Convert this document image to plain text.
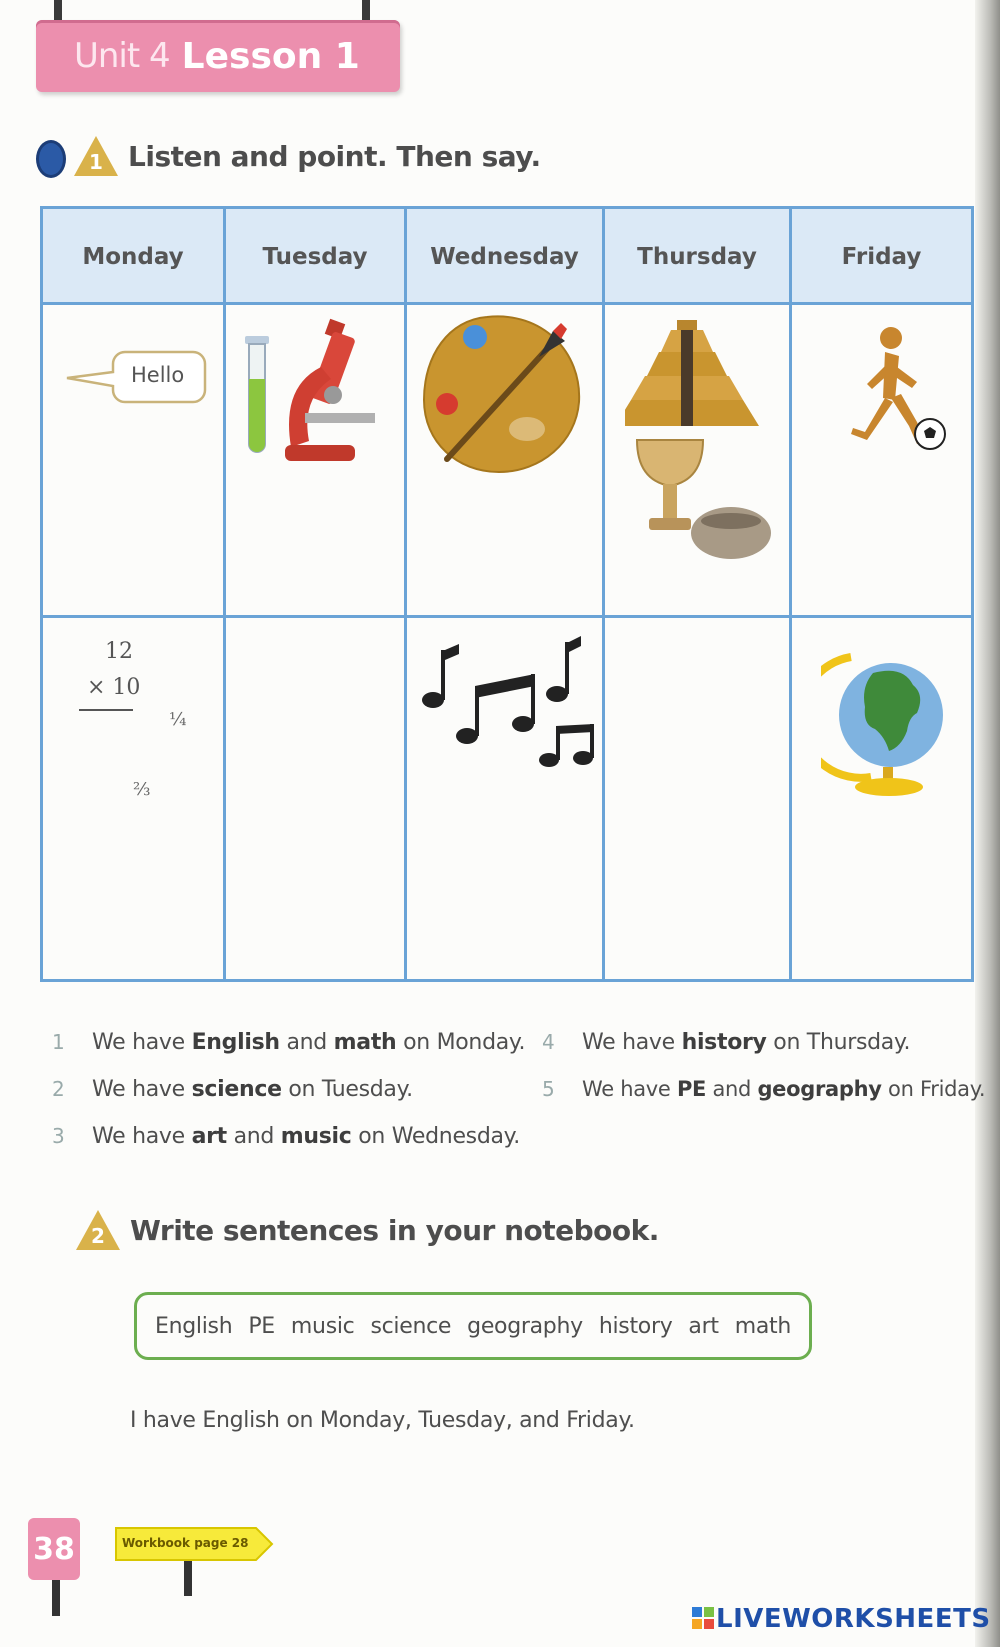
Unit 4 Lesson 1
1 Listen and point. Then say.
Monday	Tuesday	Wednesday	Thursday	Friday
Hello
12
× 10
¼
⅔
1	We have English and math on Monday.
2	We have science on Tuesday.
3	We have art and music on Wednesday.
4	We have history on Thursday.
5	We have PE and geography on Friday.
2 Write sentences in your notebook.
English PE music science geography history art math
I have English on Monday, Tuesday, and Friday.
38	Workbook page 28
LIVEWORKSHEETS
